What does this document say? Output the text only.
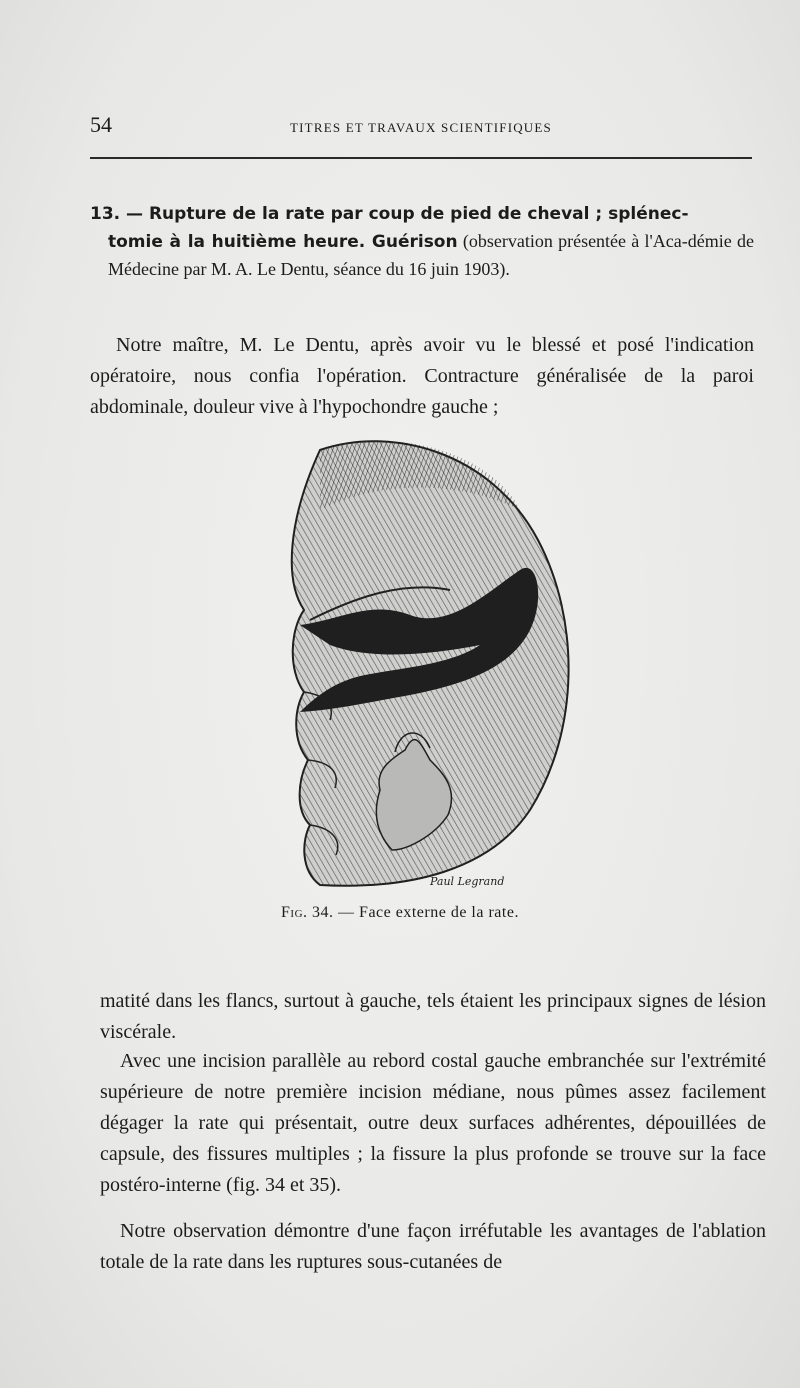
54	TITRES ET TRAVAUX SCIENTIFIQUES
13. — Rupture de la rate par coup de pied de cheval ; splénec-
tomie à la huitième heure. Guérison (observation présentée à l'Aca-démie de Médecine par M. A. Le Dentu, séance du 16 juin 1903).

Notre maître, M. Le Dentu, après avoir vu le blessé et posé l'indication opératoire, nous confia l'opération. Contracture généralisée de la paroi abdominale, douleur vive à l'hypochondre gauche ;

Paul Legrand
Fig. 34. — Face externe de la rate.

matité dans les flancs, surtout à gauche, tels étaient les principaux signes de lésion viscérale.

Avec une incision parallèle au rebord costal gauche embranchée sur l'extrémité supérieure de notre première incision médiane, nous pûmes assez facilement dégager la rate qui présentait, outre deux surfaces adhérentes, dépouillées de capsule, des fissures multiples ; la fissure la plus profonde se trouve sur la face postéro-interne (fig. 34 et 35).

Notre observation démontre d'une façon irréfutable les avantages de l'ablation totale de la rate dans les ruptures sous-cutanées de
